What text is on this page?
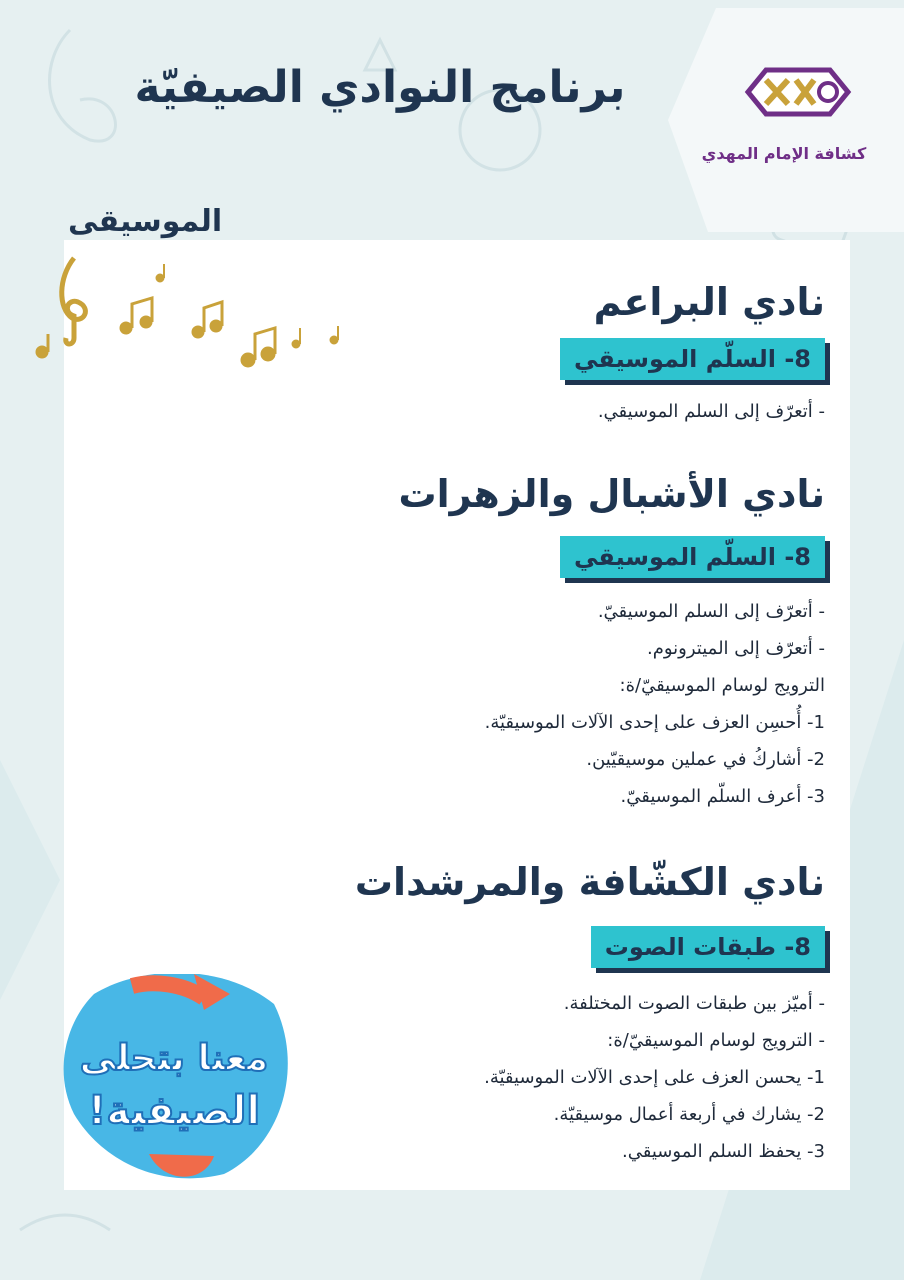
كشافة الإمام المهدي
برنامج النوادي الصيفيّة
الموسيقى
نادي البراعم
8- السلّم الموسيقي
- أتعرّف إلى السلم الموسيقي.
نادي الأشبال والزهرات
8- السلّم الموسيقي
- أتعرّف إلى السلم الموسيقيّ.
- أتعرّف إلى الميترونوم.
الترويج لوسام الموسيقيّ/ة:
1- أُحسِن العزف على إحدى الآلات الموسيقيّة.
2- أشاركُ في عملين موسيقيّين.
3- أعرف السلّم الموسيقيّ.
نادي الكشّافة والمرشدات
8- طبقات الصوت
- أميّز بين طبقات الصوت المختلفة.
- الترويج لوسام الموسيقيّ/ة:
1- يحسن العزف على إحدى الآلات الموسيقيّة.
2- يشارك في أربعة أعمال موسيقيّة.
3- يحفظ السلم الموسيقي.
معنا بتحلى
الصيفية!
